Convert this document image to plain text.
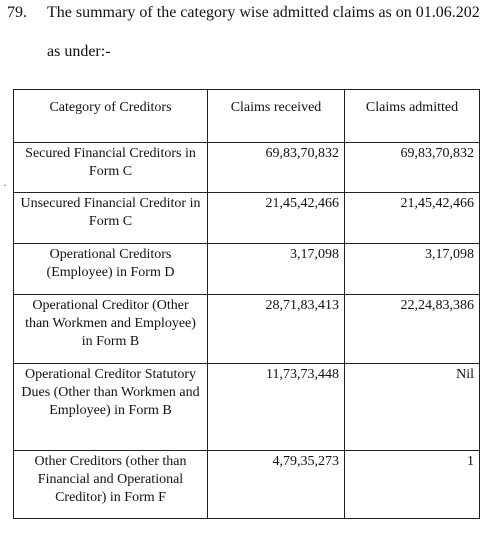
79. The summary of the category wise admitted claims as on 01.06.202
as under:-
·
Category of Creditors	Claims received	Claims admitted
Secured Financial Creditors in Form C	69,83,70,832	69,83,70,832
Unsecured Financial Creditor in Form C	21,45,42,466	21,45,42,466
Operational Creditors (Employee) in Form D	3,17,098	3,17,098
Operational Creditor (Other than Workmen and Employee) in Form B	28,71,83,413	22,24,83,386
Operational Creditor Statutory Dues (Other than Workmen and Employee) in Form B	11,73,73,448	Nil
Other Creditors (other than Financial and Operational Creditor) in Form F	4,79,35,273	1
